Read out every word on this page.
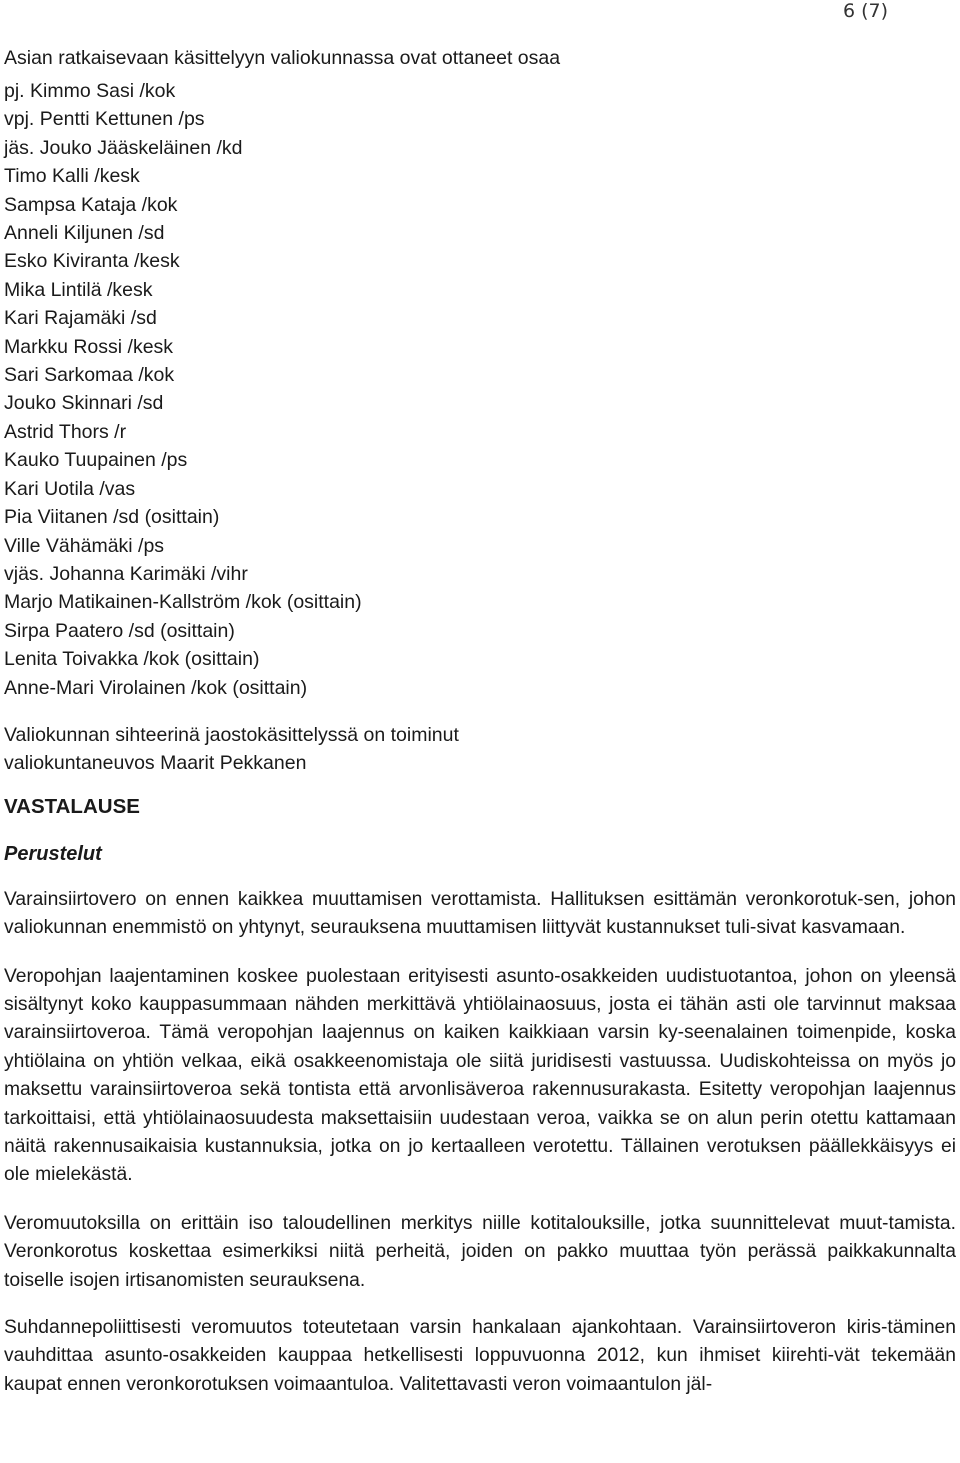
6 (7)

Asian ratkaisevaan käsittelyyn valiokunnassa ovat ottaneet osaa

pj. Kimmo Sasi /kok
vpj. Pentti Kettunen /ps
jäs. Jouko Jääskeläinen /kd
Timo Kalli /kesk
Sampsa Kataja /kok
Anneli Kiljunen /sd
Esko Kiviranta /kesk
Mika Lintilä /kesk
Kari Rajamäki /sd
Markku Rossi /kesk
Sari Sarkomaa /kok
Jouko Skinnari /sd
Astrid Thors /r
Kauko Tuupainen /ps
Kari Uotila /vas
Pia Viitanen /sd (osittain)
Ville Vähämäki /ps
vjäs. Johanna Karimäki /vihr
Marjo Matikainen-Kallström /kok (osittain)
Sirpa Paatero /sd (osittain)
Lenita Toivakka /kok (osittain)
Anne-Mari Virolainen /kok (osittain)

Valiokunnan sihteerinä jaostokäsittelyssä on toiminut
valiokuntaneuvos Maarit Pekkanen

VASTALAUSE
Perustelut

Varainsiirtovero on ennen kaikkea muuttamisen verottamista. Hallituksen esittämän veronkorotuk-sen, johon valiokunnan enemmistö on yhtynyt, seurauksena muuttamisen liittyvät kustannukset tuli-sivat kasvamaan.

Veropohjan laajentaminen koskee puolestaan erityisesti asunto-osakkeiden uudistuotantoa, johon on yleensä sisältynyt koko kauppasummaan nähden merkittävä yhtiölainaosuus, josta ei tähän asti ole tarvinnut maksaa varainsiirtoveroa. Tämä veropohjan laajennus on kaiken kaikkiaan varsin ky-seenalainen toimenpide, koska yhtiölaina on yhtiön velkaa, eikä osakkeenomistaja ole siitä juridisesti vastuussa. Uudiskohteissa on myös jo maksettu varainsiirtoveroa sekä tontista että arvonlisäveroa rakennusurakasta. Esitetty veropohjan laajennus tarkoittaisi, että yhtiölainaosuudesta maksettaisiin uudestaan veroa, vaikka se on alun perin otettu kattamaan näitä rakennusaikaisia kustannuksia, jotka on jo kertaalleen verotettu. Tällainen verotuksen päällekkäisyys ei ole mielekästä.

Veromuutoksilla on erittäin iso taloudellinen merkitys niille kotitalouksille, jotka suunnittelevat muut-tamista. Veronkorotus koskettaa esimerkiksi niitä perheitä, joiden on pakko muuttaa työn perässä paikkakunnalta toiselle isojen irtisanomisten seurauksena.

Suhdannepoliittisesti veromuutos toteutetaan varsin hankalaan ajankohtaan. Varainsiirtoveron kiris-täminen vauhdittaa asunto-osakkeiden kauppaa hetkellisesti loppuvuonna 2012, kun ihmiset kiirehti-vät tekemään kaupat ennen veronkorotuksen voimaantuloa. Valitettavasti veron voimaantulon jäl-
